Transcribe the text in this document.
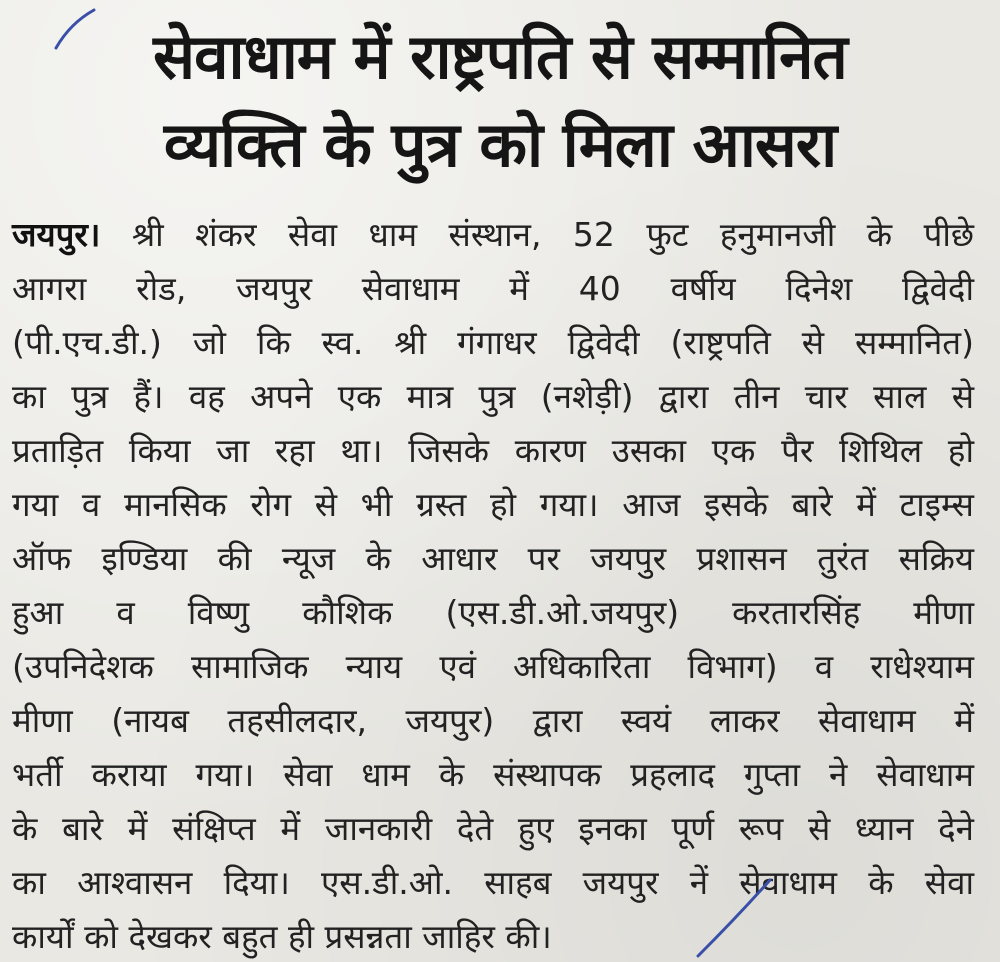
सेवाधाम में राष्ट्रपति से सम्मानित
व्यक्ति के पुत्र को मिला आसरा
जयपुर। श्री शंकर सेवा धाम संस्थान, 52 फुट हनुमानजी के पीछे
आगरा रोड, जयपुर सेवाधाम में 40 वर्षीय दिनेश द्विवेदी
(पी.एच.डी.) जो कि स्व. श्री गंगाधर द्विवेदी (राष्ट्रपति से सम्मानित)
का पुत्र हैं। वह अपने एक मात्र पुत्र (नशेड़ी) द्वारा तीन चार साल से
प्रताड़ित किया जा रहा था। जिसके कारण उसका एक पैर शिथिल हो
गया व मानसिक रोग से भी ग्रस्त हो गया। आज इसके बारे में टाइम्स
ऑफ इण्डिया की न्यूज के आधार पर जयपुर प्रशासन तुरंत सक्रिय
हुआ व विष्णु कौशिक (एस.डी.ओ.जयपुर) करतारसिंह मीणा
(उपनिदेशक सामाजिक न्याय एवं अधिकारिता विभाग) व राधेश्याम
मीणा (नायब तहसीलदार, जयपुर) द्वारा स्वयं लाकर सेवाधाम में
भर्ती कराया गया। सेवा धाम के संस्थापक प्रहलाद गुप्ता ने सेवाधाम
के बारे में संक्षिप्त में जानकारी देते हुए इनका पूर्ण रूप से ध्यान देने
का आश्वासन दिया। एस.डी.ओ. साहब जयपुर नें सेवाधाम के सेवा
कार्यों को देखकर बहुत ही प्रसन्नता जाहिर की।
